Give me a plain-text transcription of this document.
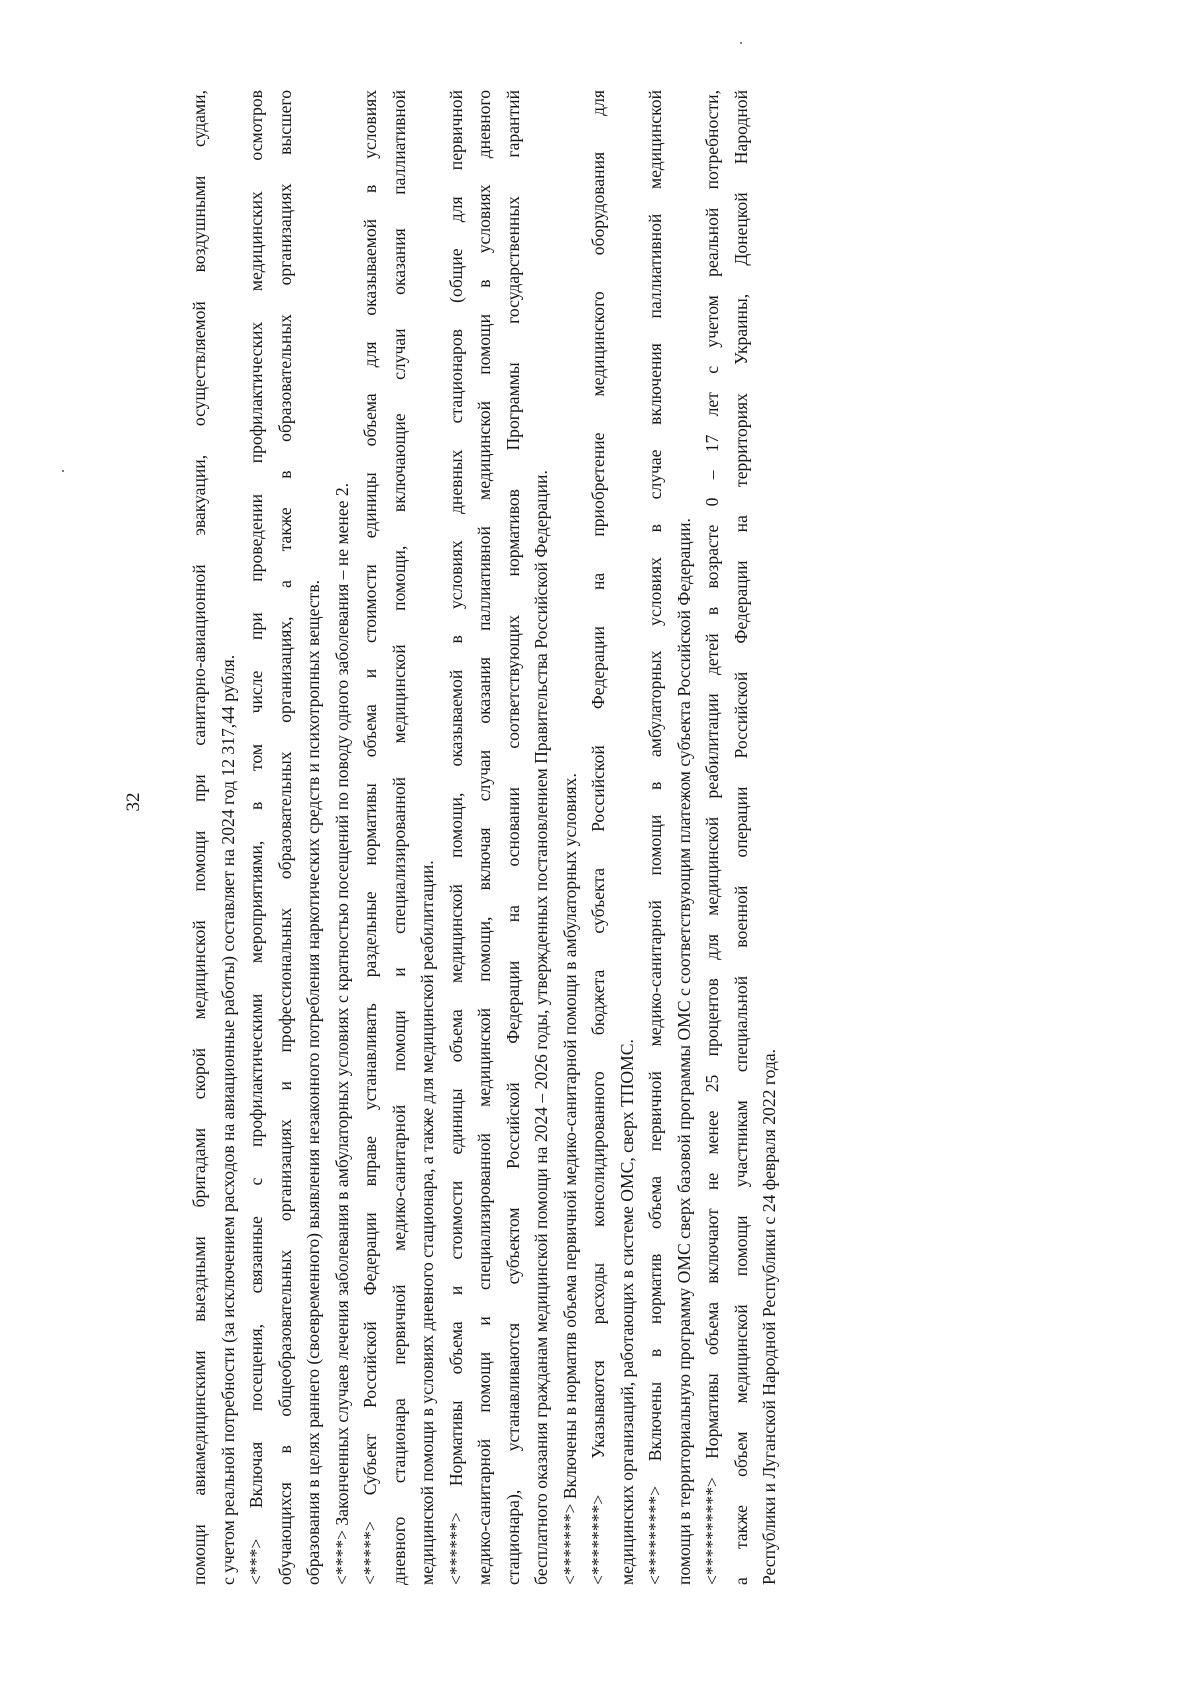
32	помощи авиамедицинскими выездными бригадами скорой медицинской помощи при санитарно-авиационной эвакуации, осуществляемой воздушными судами, с учетом реальной потребности (за исключением расходов на авиационные работы) составляет на 2024 год 12 317,44 рубля. <***> Включая посещения, связанные с профилактическими мероприятиями, в том числе при проведении профилактических медицинских осмотров обучающихся в общеобразовательных организациях и профессиональных образовательных организациях, а также в образовательных организациях высшего образования в целях раннего (своевременного) выявления незаконного потребления наркотических средств и психотропных веществ. <****> Законченных случаев лечения заболевания в амбулаторных условиях с кратностью посещений по поводу одного заболевания – не менее 2. <*****> Субъект Российской Федерации вправе устанавливать раздельные нормативы объема и стоимости единицы объема для оказываемой в условиях дневного стационара первичной медико-санитарной помощи и специализированной медицинской помощи, включающие случаи оказания паллиативной медицинской помощи в условиях дневного стационара, а также для медицинской реабилитации. <******> Нормативы объема и стоимости единицы объема медицинской помощи, оказываемой в условиях дневных стационаров (общие для первичной медико-санитарной помощи и специализированной медицинской помощи, включая случаи оказания паллиативной медицинской помощи в условиях дневного стационара), устанавливаются субъектом Российской Федерации на основании соответствующих нормативов Программы государственных гарантий бесплатного оказания гражданам медицинской помощи на 2024 – 2026 годы, утвержденных постановлением Правительства Российской Федерации. <*******> Включены в норматив объема первичной медико-санитарной помощи в амбулаторных условиях. <********> Указываются расходы консолидированного бюджета субъекта Российской Федерации на приобретение медицинского оборудования для медицинских организаций, работающих в системе ОМС, сверх ТПОМС. <*********> Включены в норматив объема первичной медико-санитарной помощи в амбулаторных условиях в случае включения паллиативной медицинской помощи в территориальную программу ОМС сверх базовой программы ОМС с соответствующим платежом субъекта Российской Федерации. <**********> Нормативы объема включают не менее 25 процентов для медицинской реабилитации детей в возрасте 0 – 17 лет с учетом реальной потребности, а также объем медицинской помощи участникам специальной военной операции Российской Федерации на территориях Украины, Донецкой Народной Республики и Луганской Народной Республики с 24 февраля 2022 года.
